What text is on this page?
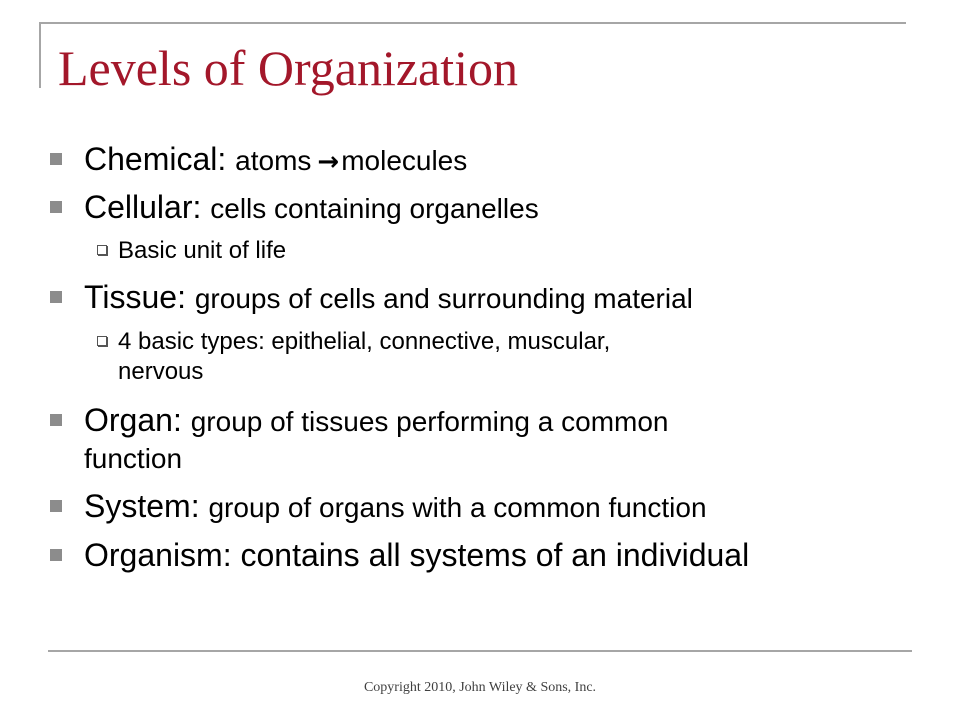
Levels of Organization
Chemical: atoms →molecules
Cellular: cells containing organelles
Basic unit of life
Tissue: groups of cells and surrounding material
4 basic types: epithelial, connective, muscular,
nervous
Organ: group of tissues performing a common
function
System: group of organs with a common function
Organism: contains all systems of an individual
Copyright 2010, John Wiley & Sons, Inc.
